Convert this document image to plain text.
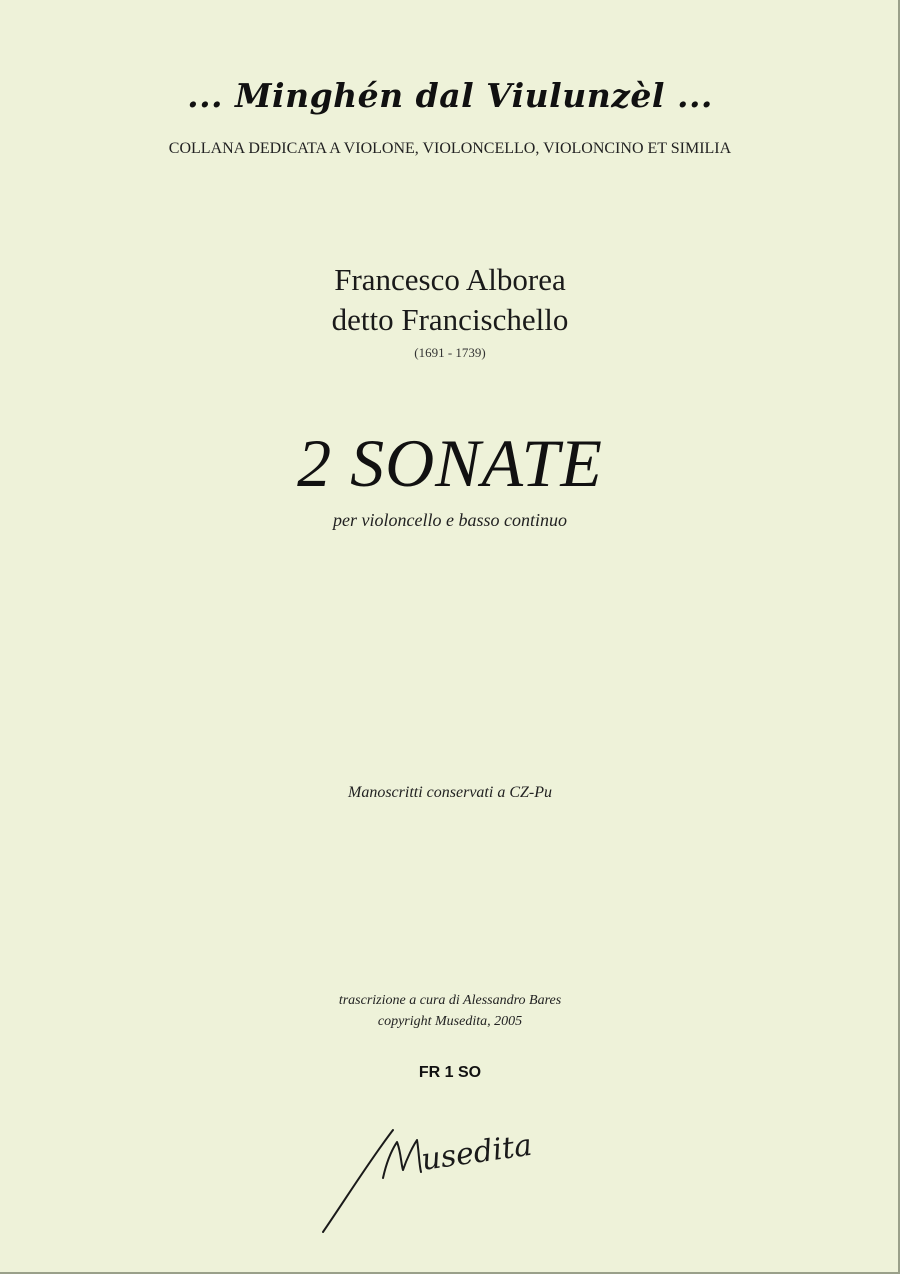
... Minghén dal Viulunzèl ...
COLLANA DEDICATA A VIOLONE, VIOLONCELLO, VIOLONCINO ET SIMILIA
Francesco Alborea
detto Francischello
(1691 - 1739)
2 SONATE
per violoncello e basso continuo
Manoscritti conservati a CZ-Pu
trascrizione a cura di Alessandro Bares
copyright Musedita, 2005
FR 1 SO
usedita
